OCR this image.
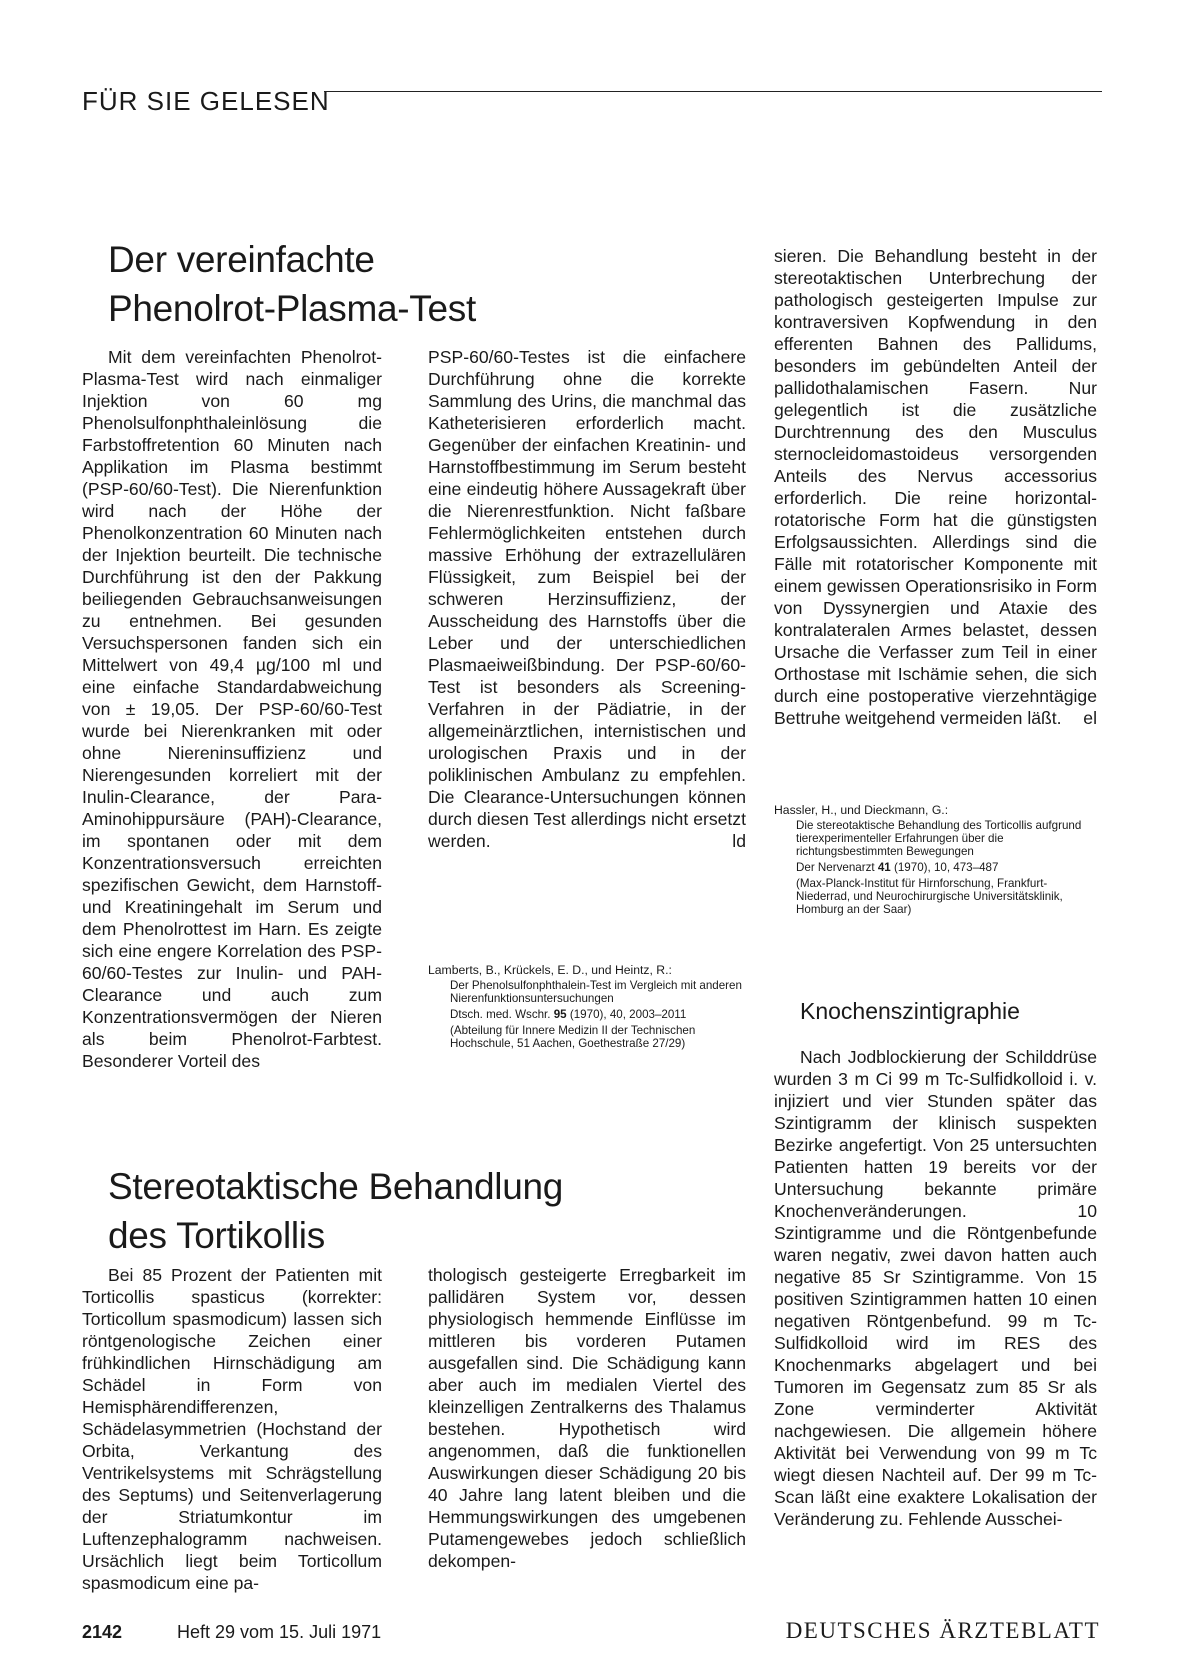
FÜR SIE GELESEN
Der vereinfachte
Phenolrot-Plasma-Test

Mit dem vereinfachten Phenolrot-Plasma-Test wird nach einmaliger Injektion von 60 mg Phenolsulfonphthaleinlösung die Farbstoffretention 60 Minuten nach Applikation im Plasma bestimmt (PSP-60/60-Test). Die Nierenfunktion wird nach der Höhe der Phenolkonzentration 60 Minuten nach der Injektion beurteilt. Die technische Durchführung ist den der Pakkung beiliegenden Gebrauchsanweisungen zu entnehmen. Bei gesunden Versuchspersonen fanden sich ein Mittelwert von 49,4 µg/100 ml und eine einfache Standardabweichung von ± 19,05. Der PSP-60/60-Test wurde bei Nierenkranken mit oder ohne Niereninsuffizienz und Nierengesunden korreliert mit der Inulin-Clearance, der Para-Aminohippursäure (PAH)-Clearance, im spontanen oder mit dem Konzentrationsversuch erreichten spezifischen Gewicht, dem Harnstoff- und Kreatiningehalt im Serum und dem Phenolrottest im Harn. Es zeigte sich eine engere Korrelation des PSP-60/60-Testes zur Inulin- und PAH-Clearance und auch zum Konzentrationsvermögen der Nieren als beim Phenolrot-Farbtest. Besonderer Vorteil des

PSP-60/60-Testes ist die einfachere Durchführung ohne die korrekte Sammlung des Urins, die manchmal das Katheterisieren erforderlich macht. Gegenüber der einfachen Kreatinin- und Harnstoffbestimmung im Serum besteht eine eindeutig höhere Aussagekraft über die Nierenrestfunktion. Nicht faßbare Fehlermöglichkeiten entstehen durch massive Erhöhung der extrazellulären Flüssigkeit, zum Beispiel bei der schweren Herzinsuffizienz, der Ausscheidung des Harnstoffs über die Leber und der unterschiedlichen Plasmaeiweißbindung. Der PSP-60/60-Test ist besonders als Screening-Verfahren in der Pädiatrie, in der allgemeinärztlichen, internistischen und urologischen Praxis und in der poliklinischen Ambulanz zu empfehlen. Die Clearance-Untersuchungen können durch diesen Test allerdings nicht ersetzt werden.	ld

Lamberts, B., Krückels, E. D., und Heintz, R.:
Der Phenolsulfonphthalein-Test im Vergleich mit anderen Nierenfunktionsuntersuchungen
Dtsch. med. Wschr. 95 (1970), 40, 2003–2011
(Abteilung für Innere Medizin II der Technischen Hochschule, 51 Aachen, Goethestraße 27/29)
Stereotaktische Behandlung
des Tortikollis

Bei 85 Prozent der Patienten mit Torticollis spasticus (korrekter: Torticollum spasmodicum) lassen sich röntgenologische Zeichen einer frühkindlichen Hirnschädigung am Schädel in Form von Hemisphärendifferenzen, Schädelasymmetrien (Hochstand der Orbita, Verkantung des Ventrikelsystems mit Schrägstellung des Septums) und Seitenverlagerung der Striatumkontur im Luftenzephalogramm nachweisen. Ursächlich liegt beim Torticollum spasmodicum eine pa-

thologisch gesteigerte Erregbarkeit im pallidären System vor, dessen physiologisch hemmende Einflüsse im mittleren bis vorderen Putamen ausgefallen sind. Die Schädigung kann aber auch im medialen Viertel des kleinzelligen Zentralkerns des Thalamus bestehen. Hypothetisch wird angenommen, daß die funktionellen Auswirkungen dieser Schädigung 20 bis 40 Jahre lang latent bleiben und die Hemmungswirkungen des umgebenen Putamengewebes jedoch schließlich dekompen-

sieren. Die Behandlung besteht in der stereotaktischen Unterbrechung der pathologisch gesteigerten Impulse zur kontraversiven Kopfwendung in den efferenten Bahnen des Pallidums, besonders im gebündelten Anteil der pallidothalamischen Fasern. Nur gelegentlich ist die zusätzliche Durchtrennung des den Musculus sternocleidomastoideus versorgenden Anteils des Nervus accessorius erforderlich. Die reine horizontal-rotatorische Form hat die günstigsten Erfolgsaussichten. Allerdings sind die Fälle mit rotatorischer Komponente mit einem gewissen Operationsrisiko in Form von Dyssynergien und Ataxie des kontralateralen Armes belastet, dessen Ursache die Verfasser zum Teil in einer Orthostase mit Ischämie sehen, die sich durch eine postoperative vierzehntägige Bettruhe weitgehend vermeiden läßt. el

Hassler, H., und Dieckmann, G.:
Die stereotaktische Behandlung des Torticollis aufgrund tierexperimenteller Erfahrungen über die richtungsbestimmten Bewegungen
Der Nervenarzt 41 (1970), 10, 473–487
(Max-Planck-Institut für Hirnforschung, Frankfurt-Niederrad, und Neurochirurgische Universitätsklinik, Homburg an der Saar)
Knochenszintigraphie

Nach Jodblockierung der Schilddrüse wurden 3 m Ci 99 m Tc-Sulfidkolloid i. v. injiziert und vier Stunden später das Szintigramm der klinisch suspekten Bezirke angefertigt. Von 25 untersuchten Patienten hatten 19 bereits vor der Untersuchung bekannte primäre Knochenveränderungen. 10 Szintigramme und die Röntgenbefunde waren negativ, zwei davon hatten auch negative 85 Sr Szintigramme. Von 15 positiven Szintigrammen hatten 10 einen negativen Röntgenbefund. 99 m Tc-Sulfidkolloid wird im RES des Knochenmarks abgelagert und bei Tumoren im Gegensatz zum 85 Sr als Zone verminderter Aktivität nachgewiesen. Die allgemein höhere Aktivität bei Verwendung von 99 m Tc wiegt diesen Nachteil auf. Der 99 m Tc-Scan läßt eine exaktere Lokalisation der Veränderung zu. Fehlende Ausschei-

2142	Heft 29 vom 15. Juli 1971	DEUTSCHES ÄRZTEBLATT
